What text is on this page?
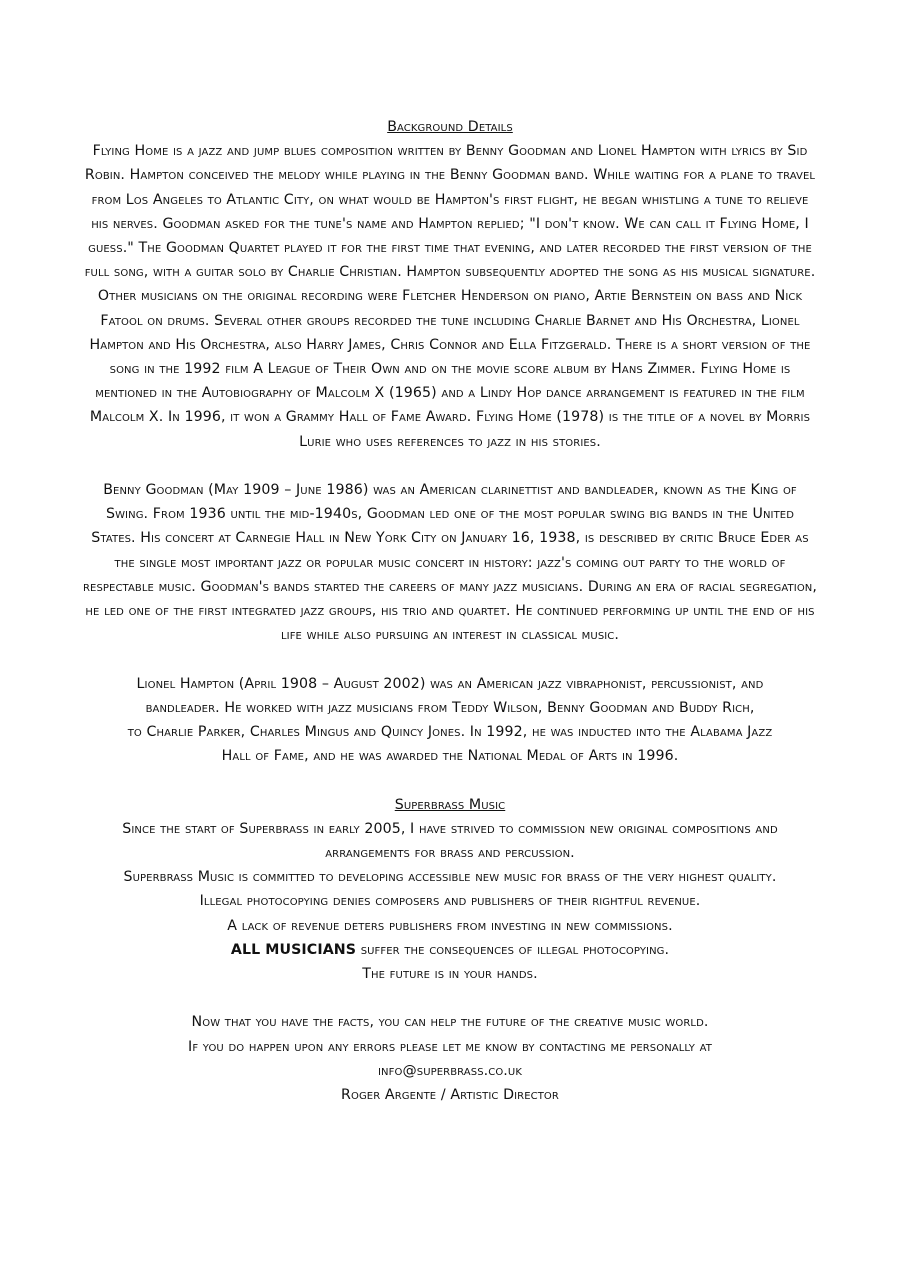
Background Details

Flying Home is a jazz and jump blues composition written by Benny Goodman and Lionel Hampton with lyrics by Sid Robin. Hampton conceived the melody while playing in the Benny Goodman band. While waiting for a plane to travel from Los Angeles to Atlantic City, on what would be Hampton's first flight, he began whistling a tune to relieve his nerves. Goodman asked for the tune's name and Hampton replied; "I don't know. We can call it Flying Home, I guess." The Goodman Quartet played it for the first time that evening, and later recorded the first version of the full song, with a guitar solo by Charlie Christian. Hampton subsequently adopted the song as his musical signature. Other musicians on the original recording were Fletcher Henderson on piano, Artie Bernstein on bass and Nick Fatool on drums. Several other groups recorded the tune including Charlie Barnet and His Orchestra, Lionel Hampton and His Orchestra, also Harry James, Chris Connor and Ella Fitzgerald. There is a short version of the song in the 1992 film A League of Their Own and on the movie score album by Hans Zimmer. Flying Home is mentioned in the Autobiography of Malcolm X (1965) and a Lindy Hop dance arrangement is featured in the film Malcolm X. In 1996, it won a Grammy Hall of Fame Award. Flying Home (1978) is the title of a novel by Morris Lurie who uses references to jazz in his stories.

Benny Goodman (May 1909 – June 1986) was an American clarinettist and bandleader, known as the King of Swing. From 1936 until the mid-1940s, Goodman led one of the most popular swing big bands in the United States. His concert at Carnegie Hall in New York City on January 16, 1938, is described by critic Bruce Eder as the single most important jazz or popular music concert in history: jazz's coming out party to the world of respectable music. Goodman's bands started the careers of many jazz musicians. During an era of racial segregation, he led one of the first integrated jazz groups, his trio and quartet. He continued performing up until the end of his life while also pursuing an interest in classical music.

Lionel Hampton (April 1908 – August 2002) was an American jazz vibraphonist, percussionist, and

bandleader. He worked with jazz musicians from Teddy Wilson, Benny Goodman and Buddy Rich,

to Charlie Parker, Charles Mingus and Quincy Jones. In 1992, he was inducted into the Alabama Jazz

Hall of Fame, and he was awarded the National Medal of Arts in 1996.

Superbrass Music

Since the start of Superbrass in early 2005, I have strived to commission new original compositions and arrangements for brass and percussion.

Superbrass Music is committed to developing accessible new music for brass of the very highest quality.

Illegal photocopying denies composers and publishers of their rightful revenue.

A lack of revenue deters publishers from investing in new commissions.

ALL MUSICIANS suffer the consequences of illegal photocopying.

The future is in your hands.

Now that you have the facts, you can help the future of the creative music world.

If you do happen upon any errors please let me know by contacting me personally at

info@superbrass.co.uk

Roger Argente / Artistic Director
